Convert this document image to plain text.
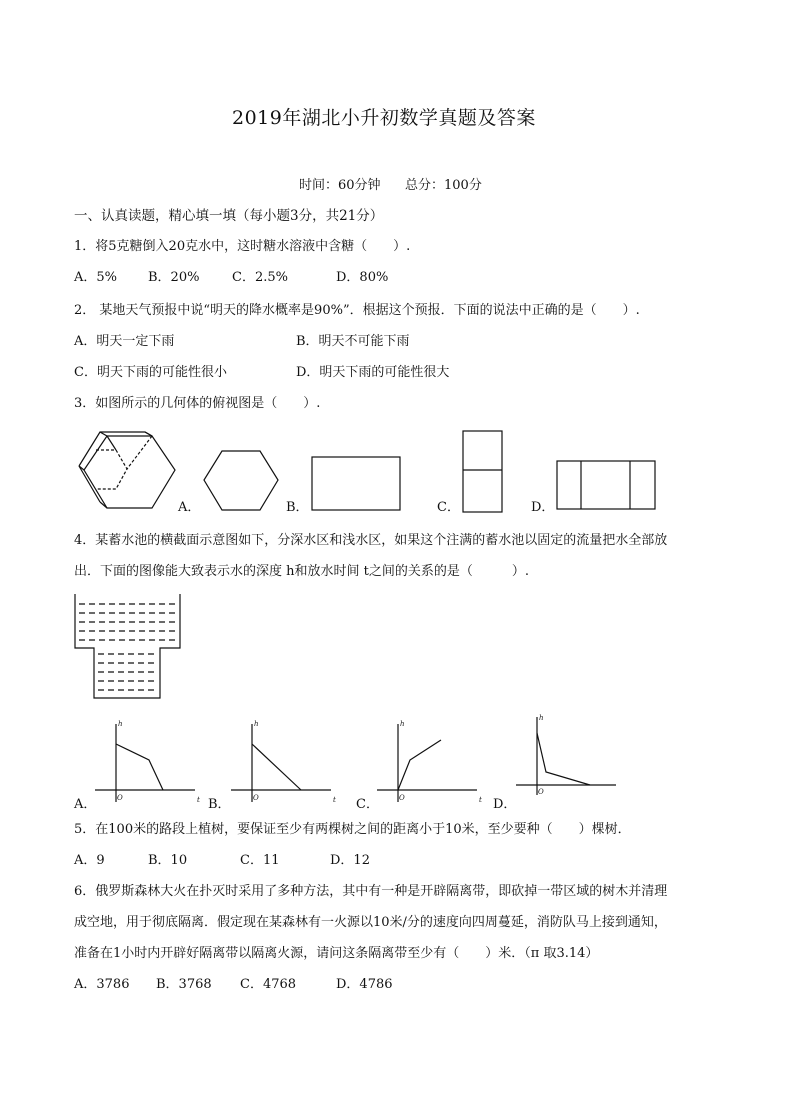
2019年湖北小升初数学真题及答案
时间：60分钟 总分：100分
一、认真读题，精心填一填（每小题3分，共21分）
1．将5克糖倒入20克水中，这时糖水溶液中含糖（　　）.
A．5% B．20%	C．2.5%	D．80%
2． 某地天气预报中说“明天的降水概率是90%”．根据这个预报．下面的说法中正确的是（　　）.
A．明天一定下雨	B．明天不可能下雨
C．明天下雨的可能性很小	D．明天下雨的可能性很大
3．如图所示的几何体的俯视图是（　　）.
A．	B．	C．	D．
4．某蓄水池的横截面示意图如下，分深水区和浅水区，如果这个注满的蓄水池以固定的流量把水全部放
出．下面的图像能大致表示水的深度 h和放水时间 t之间的关系的是（　　　）.
h
O	t
A．
h
O	t
B．
h
O	t
C．
h
O
D．
5．在100米的路段上植树，要保证至少有两棵树之间的距离小于10米，至少要种（　　）棵树．
A．9	B．10	C．11	D．12
6．俄罗斯森林大火在扑灭时采用了多种方法，其中有一种是开辟隔离带，即砍掉一带区域的树木并清理
成空地，用于彻底隔离．假定现在某森林有一火源以10米/分的速度向四周蔓延，消防队马上接到通知，
准备在1小时内开辟好隔离带以隔离火源，请问这条隔离带至少有（　　）米．（π 取3.14）
A．3786 B．3768 C．4768	D．4786
